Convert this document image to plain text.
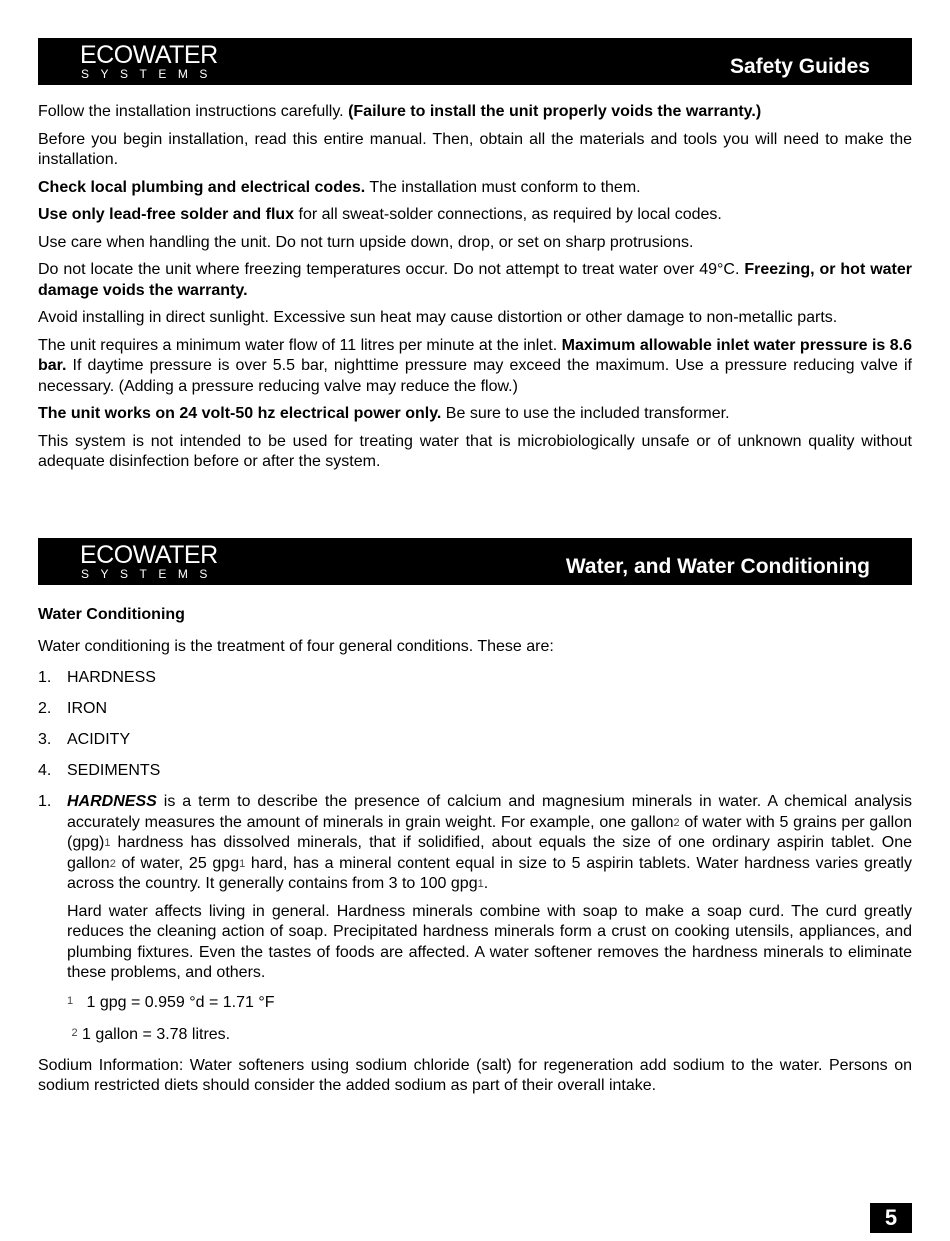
ECOWATER
SYSTEMS	Safety Guides

Follow the installation instructions carefully. (Failure to install the unit properly voids the warranty.)

Before you begin installation, read this entire manual. Then, obtain all the materials and tools you will need to make the installation.

Check local plumbing and electrical codes. The installation must conform to them.

Use only lead-free solder and flux for all sweat-solder connections, as required by local codes.

Use care when handling the unit. Do not turn upside down, drop, or set on sharp protrusions.

Do not locate the unit where freezing temperatures occur. Do not attempt to treat water over 49°C. Freezing, or hot water damage voids the warranty.

Avoid installing in direct sunlight. Excessive sun heat may cause distortion or other damage to non-metallic parts.

The unit requires a minimum water flow of 11 litres per minute at the inlet. Maximum allowable inlet water pressure is 8.6 bar. If daytime pressure is over 5.5 bar, nighttime pressure may exceed the maximum. Use a pressure reducing valve if necessary. (Adding a pressure reducing valve may reduce the flow.)

The unit works on 24 volt-50 hz electrical power only. Be sure to use the included transformer.

This system is not intended to be used for treating water that is microbiologically unsafe or of unknown quality without adequate disinfection before or after the system.

ECOWATER
SYSTEMS	Water, and Water Conditioning
Water Conditioning

Water conditioning is the treatment of four general conditions. These are:

1. HARDNESS
2. IRON
3. ACIDITY
4. SEDIMENTS
1. HARDNESS is a term to describe the presence of calcium and magnesium minerals in water. A chemical analysis accurately measures the amount of minerals in grain weight. For example, one gallon2 of water with 5 grains per gallon (gpg)1 hardness has dissolved minerals, that if solidified, about equals the size of one ordinary aspirin tablet. One gallon2 of water, 25 gpg1 hard, has a mineral content equal in size to 5 aspirin tablets. Water hardness varies greatly across the country. It generally contains from 3 to 100 gpg1.

Hard water affects living in general. Hardness minerals combine with soap to make a soap curd. The curd greatly reduces the cleaning action of soap. Precipitated hardness minerals form a crust on cooking utensils, appliances, and plumbing fixtures. Even the tastes of foods are affected. A water softener removes the hardness minerals to eliminate these problems, and others.

1 1 gpg = 0.959 °d = 1.71 °F
2 1 gallon = 3.78 litres.

Sodium Information: Water softeners using sodium chloride (salt) for regeneration add sodium to the water. Persons on sodium restricted diets should consider the added sodium as part of their overall intake.

5
